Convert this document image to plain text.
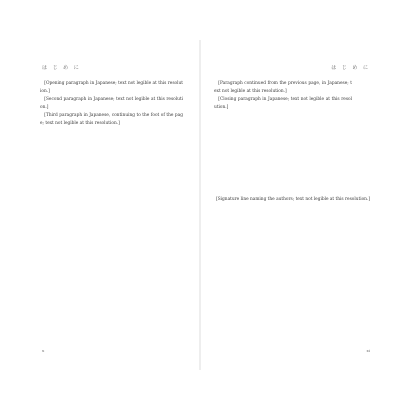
は じ め に

[Opening paragraph in Japanese; text not legible at this resolution.]

[Second paragraph in Japanese; text not legible at this resolution.]

[Third paragraph in Japanese, continuing to the foot of the page; text not legible at this resolution.]

x
は じ め に

[Paragraph continued from the previous page, in Japanese; text not legible at this resolution.]

[Closing paragraph in Japanese; text not legible at this resolution.]

[Signature line naming the authors; text not legible at this resolution.]
xi
